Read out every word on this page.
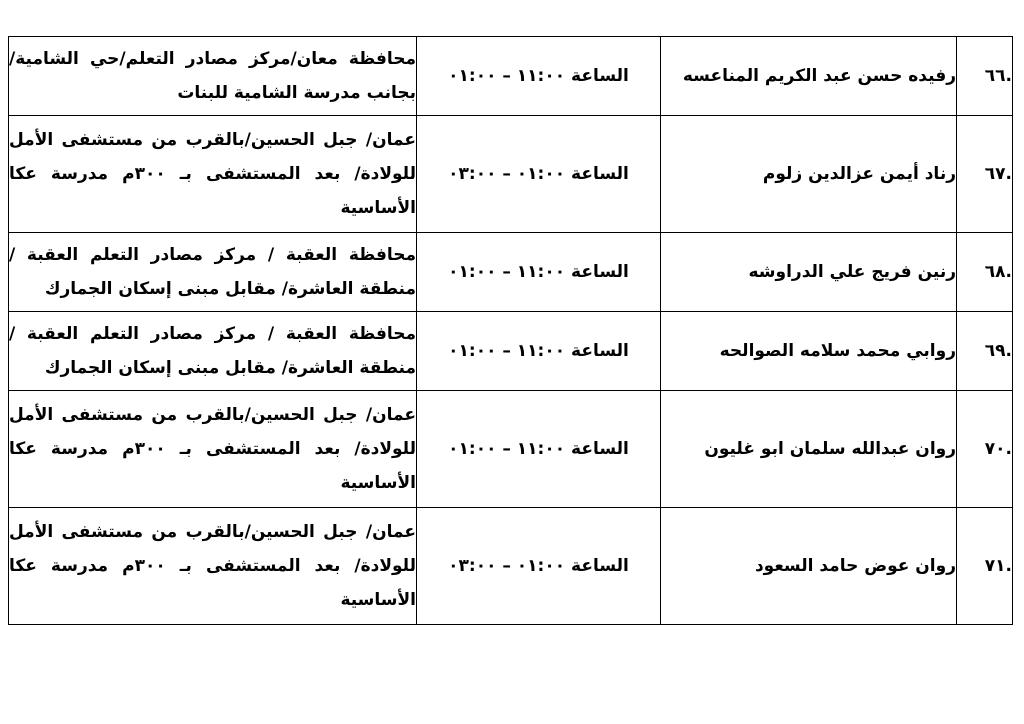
.٦٦	رفيده حسن عبد الكريم المناعسه	الساعة ١١:٠٠ – ٠١:٠٠	محافظة معان/مركز مصادر التعلم/حي الشامية/ بجانب مدرسة الشامية للبنات
.٦٧	رناد أيمن عزالدين زلوم	الساعة ٠١:٠٠ – ٠٣:٠٠	عمان/ جبل الحسين/بالقرب من مستشفى الأمل للولادة/ بعد المستشفى بـ ٣٠٠م مدرسة عكا الأساسية
.٦٨	رنين فريج علي الدراوشه	الساعة ١١:٠٠ – ٠١:٠٠	محافظة العقبة / مركز مصادر التعلم العقبة / منطقة العاشرة/ مقابل مبنى إسكان الجمارك
.٦٩	روابي محمد سلامه الصوالحه	الساعة ١١:٠٠ – ٠١:٠٠	محافظة العقبة / مركز مصادر التعلم العقبة / منطقة العاشرة/ مقابل مبنى إسكان الجمارك
.٧٠	روان عبدالله سلمان ابو غليون	الساعة ١١:٠٠ – ٠١:٠٠	عمان/ جبل الحسين/بالقرب من مستشفى الأمل للولادة/ بعد المستشفى بـ ٣٠٠م مدرسة عكا الأساسية
.٧١	روان عوض حامد السعود	الساعة ٠١:٠٠ – ٠٣:٠٠	عمان/ جبل الحسين/بالقرب من مستشفى الأمل للولادة/ بعد المستشفى بـ ٣٠٠م مدرسة عكا الأساسية
